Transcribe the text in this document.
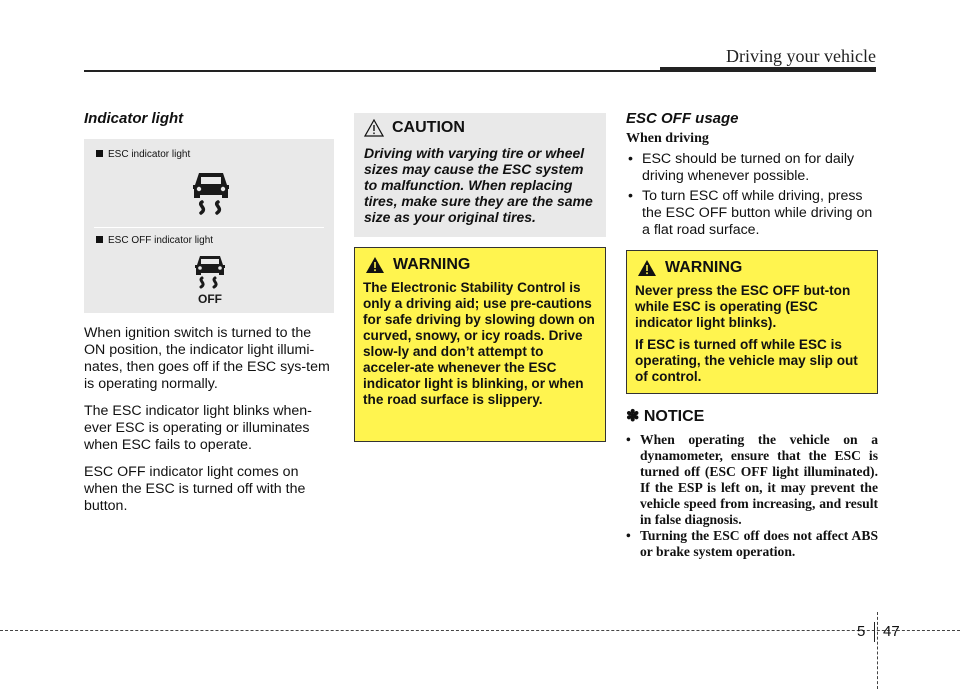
Driving your vehicle
Indicator light
ESC indicator light
ESC OFF indicator light
OFF

When ignition switch is turned to the ON position, the indicator light illumi-nates, then goes off if the ESC sys-tem is operating normally.

The ESC indicator light blinks when-ever ESC is operating or illuminates when ESC fails to operate.

ESC OFF indicator light comes on when the ESC is turned off with the button.

CAUTION
Driving with varying tire or wheel sizes may cause the ESC system to malfunction. When replacing tires, make sure they are the same size as your original tires.
WARNING
The Electronic Stability Control is only a driving aid; use pre-cautions for safe driving by slowing down on curved, snowy, or icy roads. Drive slow-ly and don’t attempt to acceler-ate whenever the ESC indicator light is blinking, or when the road surface is slippery.
ESC OFF usage
When driving
• ESC should be turned on for daily driving whenever possible.
• To turn ESC off while driving, press the ESC OFF button while driving on a flat road surface.
WARNING
Never press the ESC OFF but-ton while ESC is operating (ESC indicator light blinks).
If ESC is turned off while ESC is operating, the vehicle may slip out of control.
✽ NOTICE
• When operating the vehicle on a dynamometer, ensure that the ESC is turned off (ESC OFF light illuminated). If the ESP is left on, it may prevent the vehicle speed from increasing, and result in false diagnosis.
• Turning the ESC off does not affect ABS or brake system operation.
5 47
